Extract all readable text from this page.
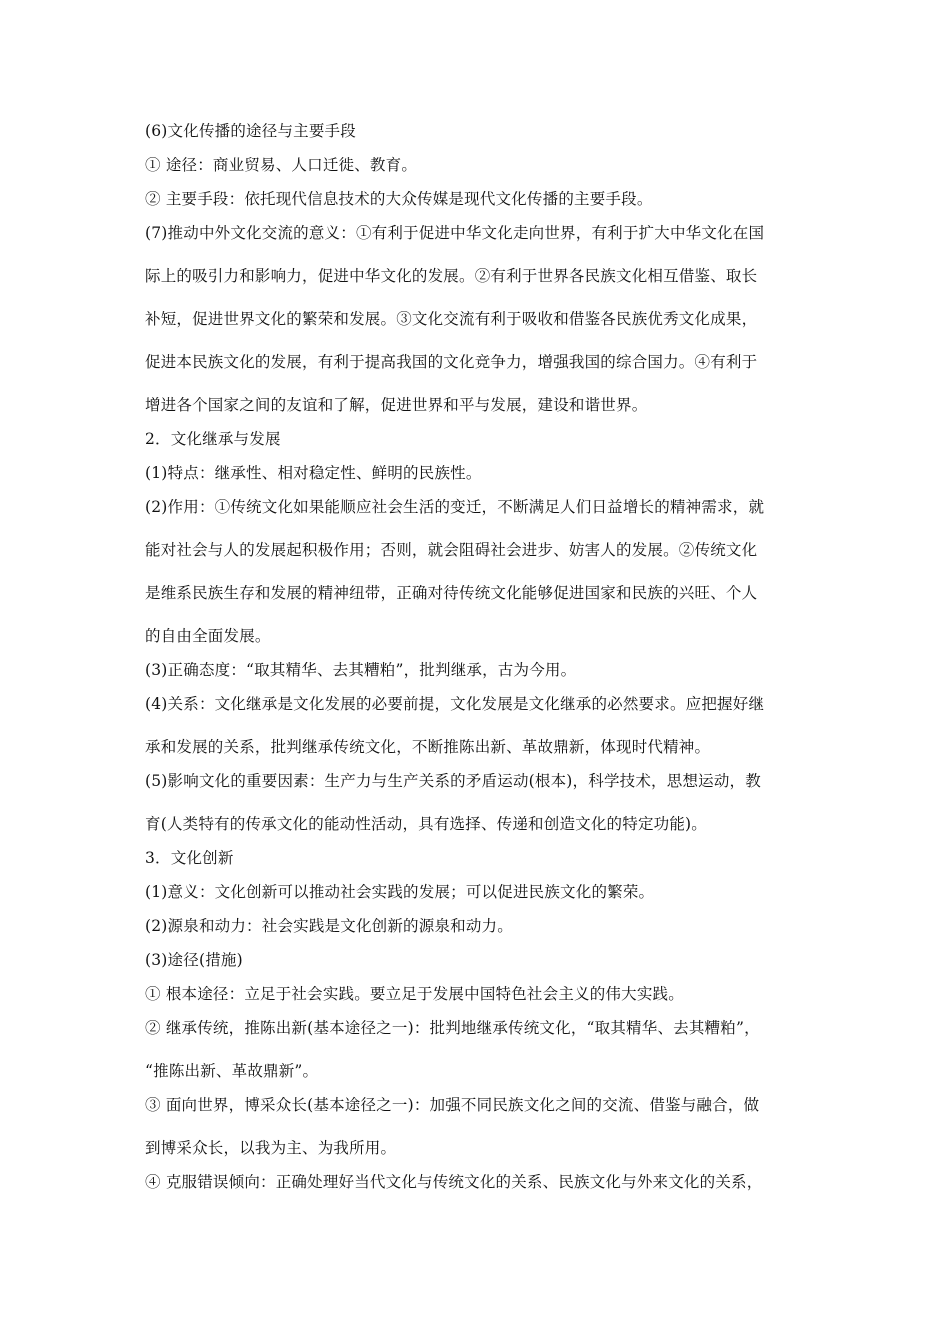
(6)文化传播的途径与主要手段
① 途径：商业贸易、人口迁徙、教育。
② 主要手段：依托现代信息技术的大众传媒是现代文化传播的主要手段。
(7)推动中外文化交流的意义：①有利于促进中华文化走向世界，有利于扩大中华文化在国
际上的吸引力和影响力，促进中华文化的发展。②有利于世界各民族文化相互借鉴、取长
补短，促进世界文化的繁荣和发展。③文化交流有利于吸收和借鉴各民族优秀文化成果，
促进本民族文化的发展，有利于提高我国的文化竞争力，增强我国的综合国力。④有利于
增进各个国家之间的友谊和了解，促进世界和平与发展，建设和谐世界。
2．文化继承与发展
(1)特点：继承性、相对稳定性、鲜明的民族性。
(2)作用：①传统文化如果能顺应社会生活的变迁，不断满足人们日益增长的精神需求，就
能对社会与人的发展起积极作用；否则，就会阻碍社会进步、妨害人的发展。②传统文化
是维系民族生存和发展的精神纽带，正确对待传统文化能够促进国家和民族的兴旺、个人
的自由全面发展。
(3)正确态度：“取其精华、去其糟粕”，批判继承，古为今用。
(4)关系：文化继承是文化发展的必要前提，文化发展是文化继承的必然要求。应把握好继
承和发展的关系，批判继承传统文化，不断推陈出新、革故鼎新，体现时代精神。
(5)影响文化的重要因素：生产力与生产关系的矛盾运动(根本)，科学技术，思想运动，教
育(人类特有的传承文化的能动性活动，具有选择、传递和创造文化的特定功能)。
3．文化创新
(1)意义：文化创新可以推动社会实践的发展；可以促进民族文化的繁荣。
(2)源泉和动力：社会实践是文化创新的源泉和动力。
(3)途径(措施)
① 根本途径：立足于社会实践。要立足于发展中国特色社会主义的伟大实践。
② 继承传统，推陈出新(基本途径之一)：批判地继承传统文化，“取其精华、去其糟粕”，
“推陈出新、革故鼎新”。
③ 面向世界，博采众长(基本途径之一)：加强不同民族文化之间的交流、借鉴与融合，做
到博采众长，以我为主、为我所用。
④ 克服错误倾向：正确处理好当代文化与传统文化的关系、民族文化与外来文化的关系，
